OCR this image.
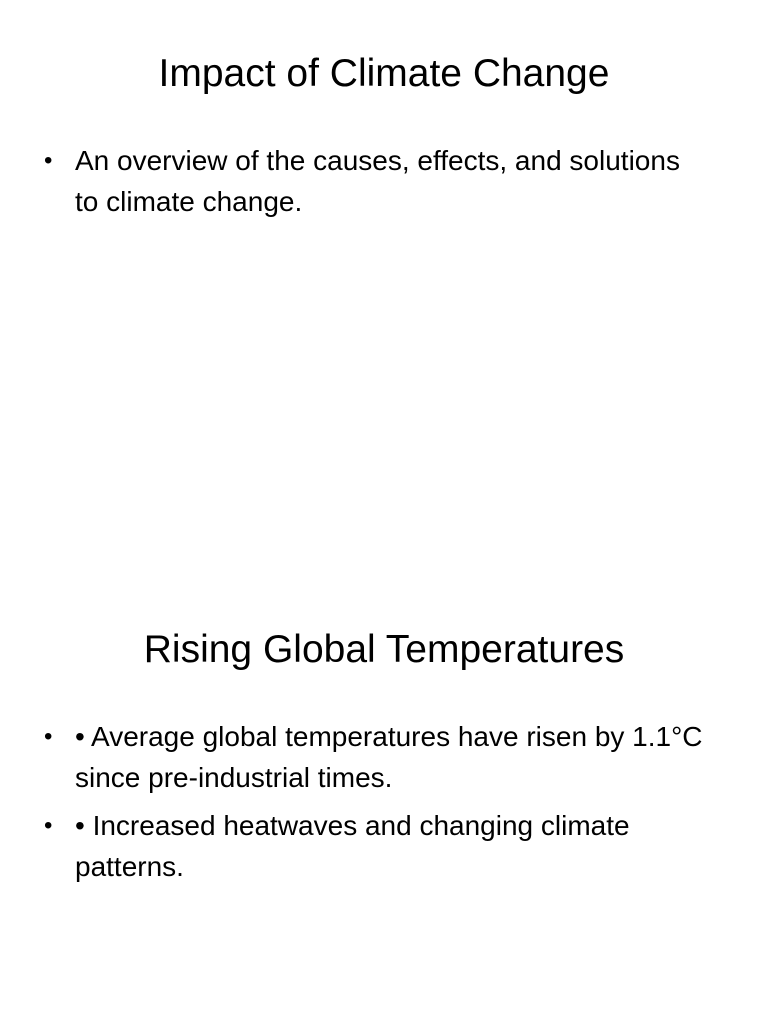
Impact of Climate Change
• An overview of the causes, effects, and solutions to climate change.
Rising Global Temperatures
• • Average global temperatures have risen by 1.1°C since pre-industrial times.
• • Increased heatwaves and changing climate patterns.
